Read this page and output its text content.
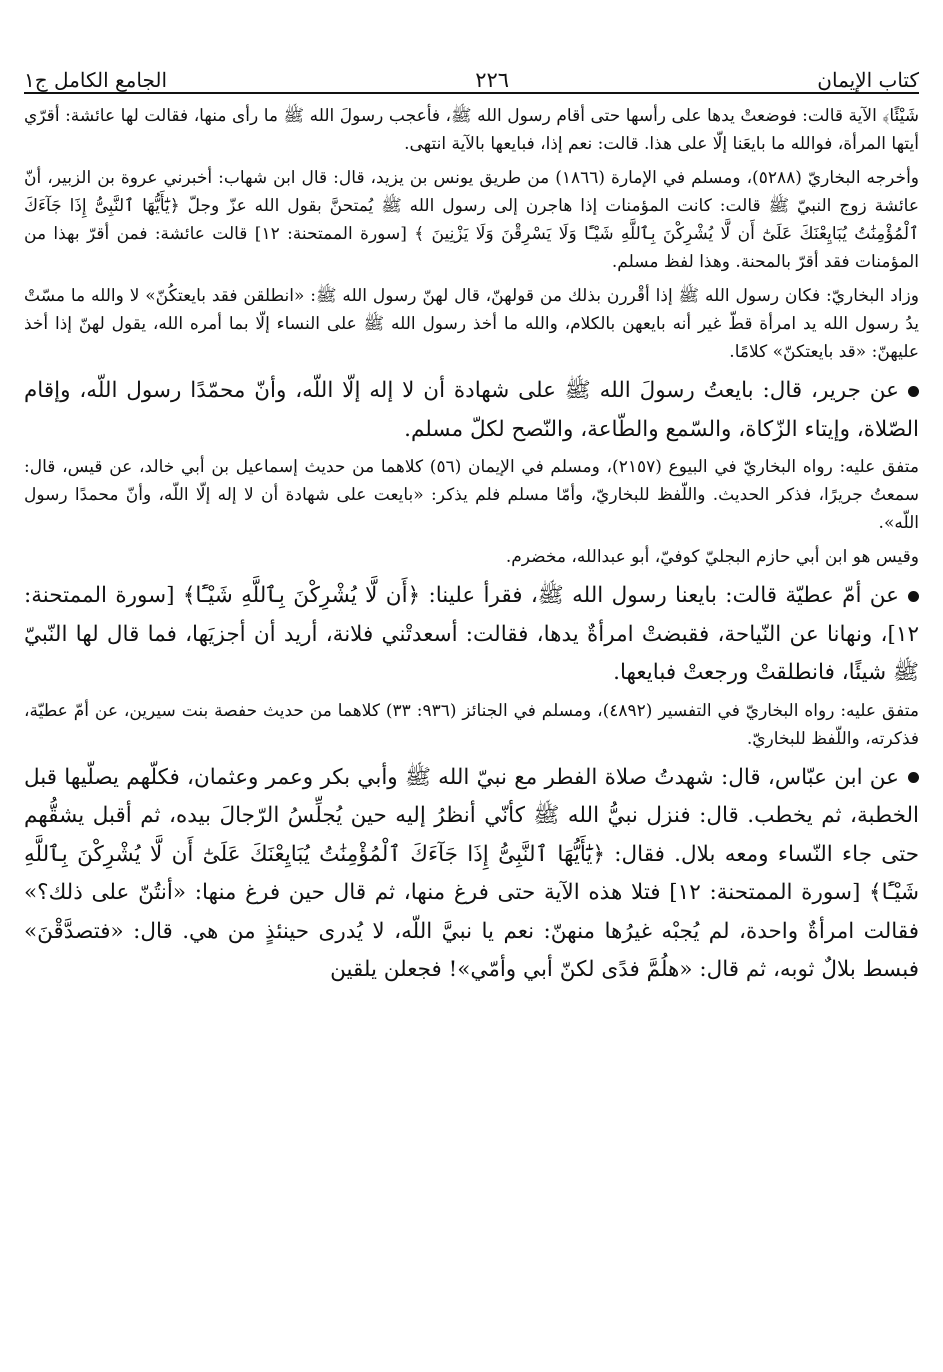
كتاب الإيمان
٢٢٦
الجامع الكامل ج١

شَيْئًا﴾ الآية قالت: فوضعتْ يدها على رأسها حتى أقام رسول الله ﷺ، فأعجب رسولَ الله ﷺ ما رأى منها، فقالت لها عائشة: أقرّي أيتها المرأة، فوالله ما بايعَنا إلّا على هذا. قالت: نعم إذا، فبايعها بالآية انتهى.

وأخرجه البخاريّ (٥٢٨٨)، ومسلم في الإمارة (١٨٦٦) من طريق يونس بن يزيد، قال: قال ابن شهاب: أخبرني عروة بن الزبير، أنّ عائشة زوج النبيّ ﷺ قالت: كانت المؤمنات إذا هاجرن إلى رسول الله ﷺ يُمتحنَّ بقول الله عزّ وجلّ ﴿يَٰٓأَيُّهَا ٱلنَّبِىُّ إِذَا جَآءَكَ ٱلْمُؤْمِنَٰتُ يُبَايِعْنَكَ عَلَىٰٓ أَن لَّا يُشْرِكْنَ بِٱللَّهِ شَيْـًٔا وَلَا يَسْرِقْنَ وَلَا يَزْنِينَ ﴾ [سورة الممتحنة: ١٢] قالت عائشة: فمن أقرّ بهذا من المؤمنات فقد أقرّ بالمحنة. وهذا لفظ مسلم.

وزاد البخاريّ: فكان رسول الله ﷺ إذا أقْررن بذلك من قولهنّ، قال لهنّ رسول الله ﷺ: «انطلقن فقد بايعتكُنّ» لا والله ما مسّتْ يدُ رسول الله يد امرأة قطّ غير أنه بايعهن بالكلام، والله ما أخذ رسول الله ﷺ على النساء إلّا بما أمره الله، يقول لهنّ إذا أخذ عليهنّ: «قد بايعتكنّ» كلامًا.

عن جرير، قال: بايعتُ رسولَ الله ﷺ على شهادة أن لا إله إلّا اللّه، وأنّ محمّدًا رسول اللّه، وإقام الصّلاة، وإيتاء الزّكاة، والسّمع والطّاعة، والنّصح لكلّ مسلم.

متفق عليه: رواه البخاريّ في البيوع (٢١٥٧)، ومسلم في الإيمان (٥٦) كلاهما من حديث إسماعيل بن أبي خالد، عن قيس، قال: سمعتُ جريرًا، فذكر الحديث. واللّفظ للبخاريّ، وأمّا مسلم فلم يذكر: «بايعت على شهادة أن لا إله إلّا اللّه، وأنّ محمدًا رسول اللّه».

وقيس هو ابن أبي حازم البجليّ كوفيّ، أبو عبدالله، مخضرم.

عن أمّ عطيّة قالت: بايعنا رسول الله ﷺ، فقرأ علينا: ﴿أَن لَّا يُشْرِكْنَ بِٱللَّهِ شَيْـًٔا﴾ [سورة الممتحنة: ١٢]، ونهانا عن النّياحة، فقبضتْ امرأةٌ يدها، فقالت: أسعدتْني فلانة، أريد أن أجزيَها، فما قال لها النّبيّ ﷺ شيئًا، فانطلقتْ ورجعتْ فبايعها.

متفق عليه: رواه البخاريّ في التفسير (٤٨٩٢)، ومسلم في الجنائز (٩٣٦: ٣٣) كلاهما من حديث حفصة بنت سيرين، عن أمّ عطيّة، فذكرته، واللّفظ للبخاريّ.

عن ابن عبّاس، قال: شهدتُ صلاة الفطر مع نبيّ الله ﷺ وأبي بكر وعمر وعثمان، فكلّهم يصلّيها قبل الخطبة، ثم يخطب. قال: فنزل نبيُّ الله ﷺ كأنّي أنظرُ إليه حين يُجلِّسُ الرّجالَ بيده، ثم أقبل يشقُّهم حتى جاء النّساء ومعه بلال. فقال: ﴿يَٰٓأَيُّهَا ٱلنَّبِىُّ إِذَا جَآءَكَ ٱلْمُؤْمِنَٰتُ يُبَايِعْنَكَ عَلَىٰٓ أَن لَّا يُشْرِكْنَ بِٱللَّهِ شَيْـًٔا﴾ [سورة الممتحنة: ١٢] فتلا هذه الآية حتى فرغ منها، ثم قال حين فرغ منها: «أنتُنّ على ذلك؟» فقالت امرأةٌ واحدة، لم يُجبْه غيرُها منهنّ: نعم يا نبيَّ اللّه، لا يُدرى حينئذٍ من هي. قال: «فتصدَّقْنَ» فبسط بلالٌ ثوبه، ثم قال: «هلُمَّ فدًى لكنّ أبي وأمّي»! فجعلن يلقين
